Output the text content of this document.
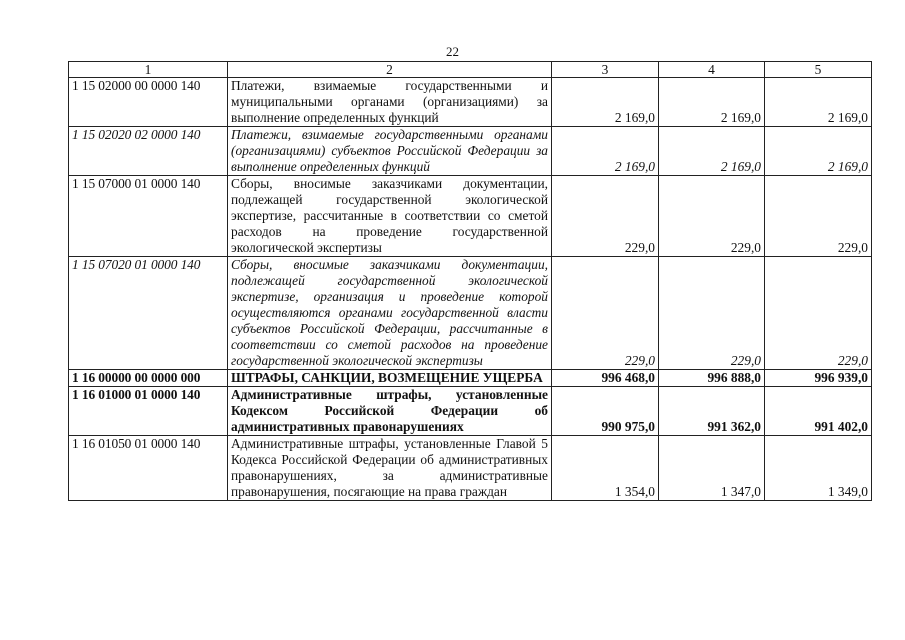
22
1	2	3	4	5
1 15 02000 00 0000 140	Платежи, взимаемые государственными и муниципальными органами (организациями) за выполнение определенных функций	2 169,0	2 169,0	2 169,0
1 15 02020 02 0000 140	Платежи, взимаемые государственными органами (организациями) субъектов Российской Федерации за выполнение определенных функций	2 169,0	2 169,0	2 169,0
1 15 07000 01 0000 140	Сборы, вносимые заказчиками документации, подлежащей государственной экологической экспертизе, рассчитанные в соответствии со сметой расходов на проведение государственной экологической экспертизы	229,0	229,0	229,0
1 15 07020 01 0000 140	Сборы, вносимые заказчиками документации, подлежащей государственной экологической экспертизе, организация и проведение которой осуществляются органами государственной власти субъектов Российской Федерации, рассчитанные в соответствии со сметой расходов на проведение государственной экологической экспертизы	229,0	229,0	229,0
1 16 00000 00 0000 000	ШТРАФЫ, САНКЦИИ, ВОЗМЕЩЕНИЕ УЩЕРБА	996 468,0	996 888,0	996 939,0
1 16 01000 01 0000 140	Административные штрафы, установленные Кодексом Российской Федерации об административных правонарушениях	990 975,0	991 362,0	991 402,0
1 16 01050 01 0000 140	Административные штрафы, установленные Главой 5 Кодекса Российской Федерации об административных правонарушениях, за административные правонарушения, посягающие на права граждан	1 354,0	1 347,0	1 349,0
